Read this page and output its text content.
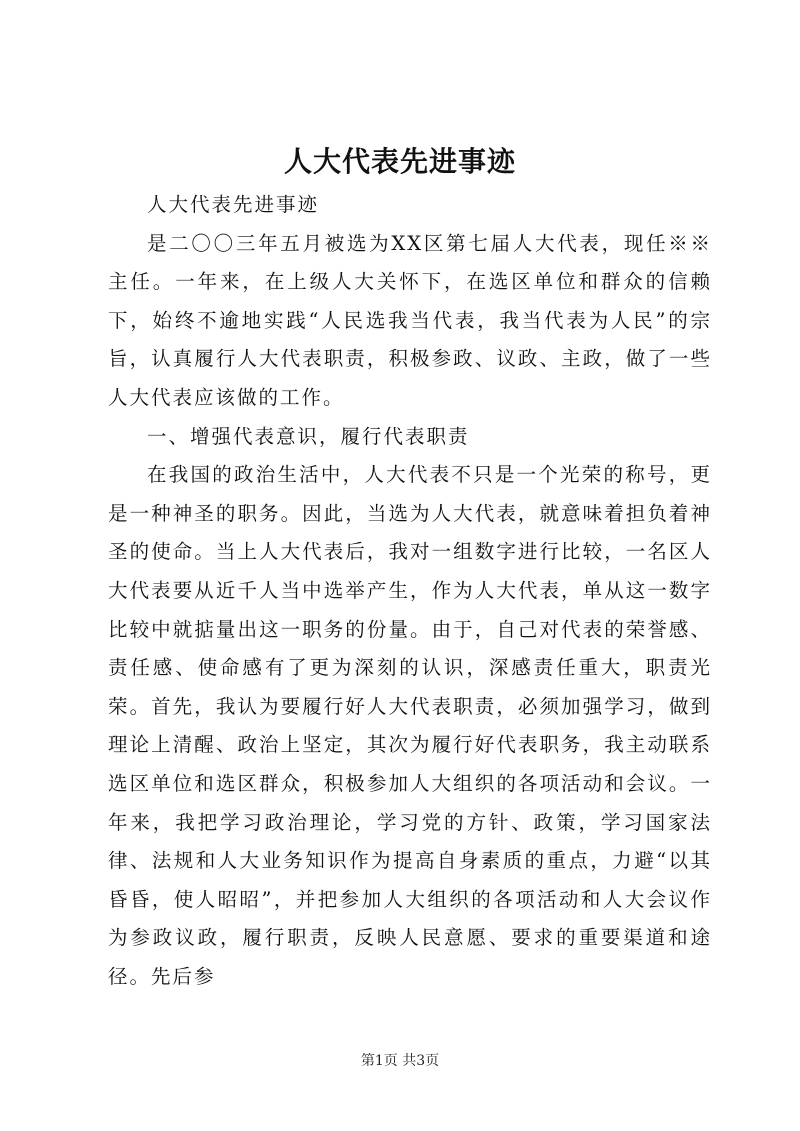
人大代表先进事迹

人大代表先进事迹

是二〇〇三年五月被选为XX区第七届人大代表，现任※※主任。一年来，在上级人大关怀下，在选区单位和群众的信赖下，始终不逾地实践“人民选我当代表，我当代表为人民”的宗旨，认真履行人大代表职责，积极参政、议政、主政，做了一些人大代表应该做的工作。

一、增强代表意识，履行代表职责

在我国的政治生活中，人大代表不只是一个光荣的称号，更是一种神圣的职务。因此，当选为人大代表，就意味着担负着神圣的使命。当上人大代表后，我对一组数字进行比较，一名区人大代表要从近千人当中选举产生，作为人大代表，单从这一数字比较中就掂量出这一职务的份量。由于，自己对代表的荣誉感、责任感、使命感有了更为深刻的认识，深感责任重大，职责光荣。首先，我认为要履行好人大代表职责，必须加强学习，做到理论上清醒、政治上坚定，其次为履行好代表职务，我主动联系选区单位和选区群众，积极参加人大组织的各项活动和会议。一年来，我把学习政治理论，学习党的方针、政策，学习国家法律、法规和人大业务知识作为提高自身素质的重点，力避“以其昏昏，使人昭昭”，并把参加人大组织的各项活动和人大会议作为参政议政，履行职责，反映人民意愿、要求的重要渠道和途径。先后参

第1页 共3页
